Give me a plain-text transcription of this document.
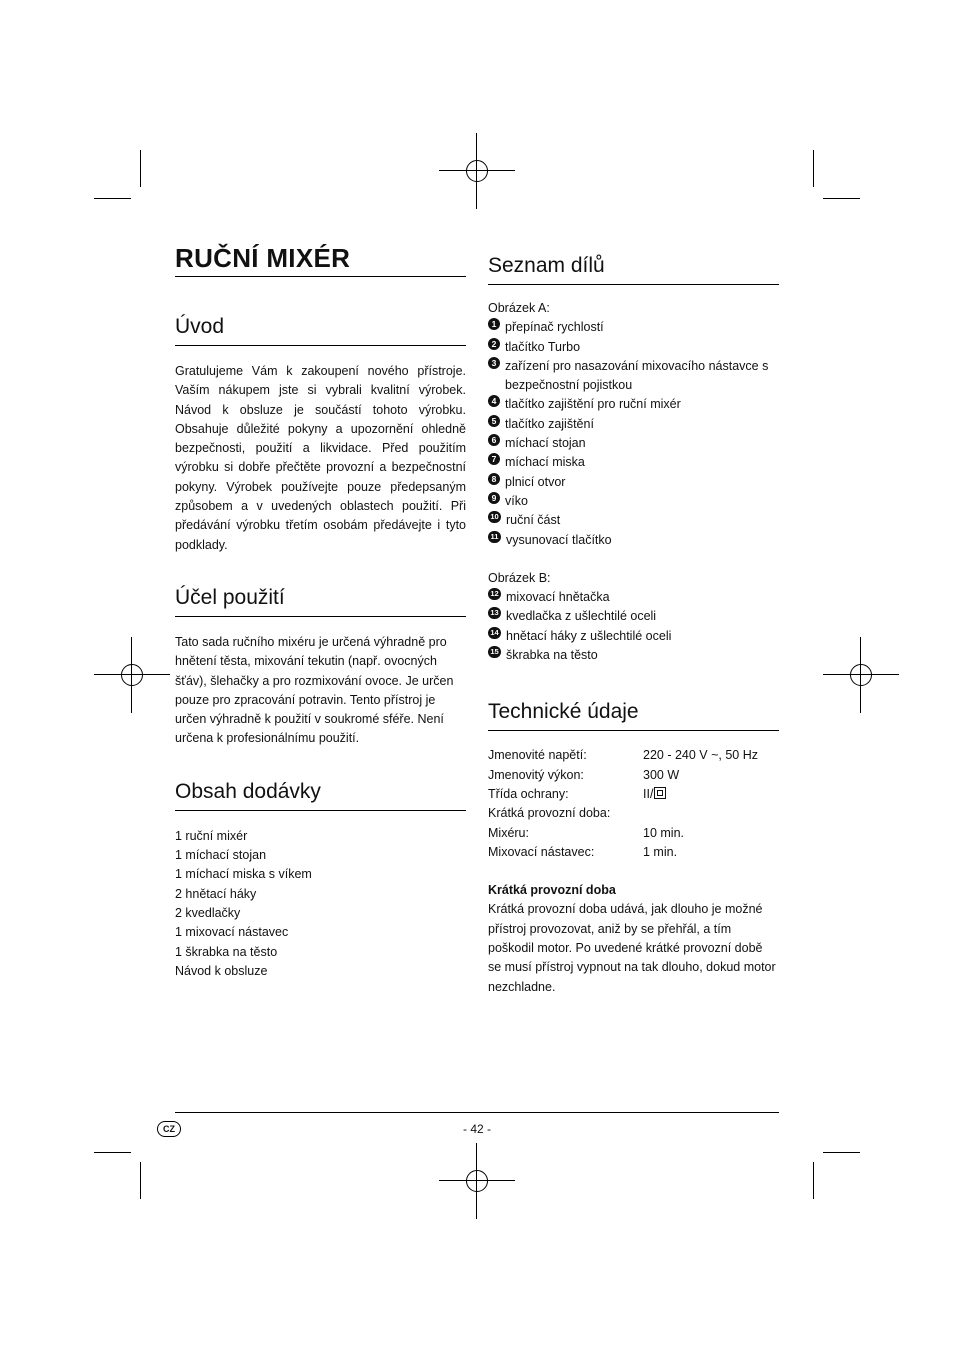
RUČNÍ MIXÉR
Úvod

Gratulujeme Vám k zakoupení nového přístroje. Vaším nákupem jste si vybrali kvalitní výrobek. Návod k obsluze je součástí tohoto výrobku. Obsahuje důležité pokyny a upozornění ohledně bezpečnosti, použití a likvidace. Před použitím výrobku si dobře přečtěte provozní a bezpečnostní pokyny. Výrobek používejte pouze předepsaným způsobem a v uvedených oblastech použití. Při předávání výrobku třetím osobám předávejte i tyto podklady.

Účel použití

Tato sada ručního mixéru je určená výhradně pro hnětení těsta, mixování tekutin (např. ovocných šťáv), šlehačky a pro rozmixování ovoce. Je určen pouze pro zpracování potravin. Tento přístroj je určen výhradně k použití v soukromé sféře. Není určena k profesionálnímu použití.

Obsah dodávky
1 ruční mixér
1 míchací stojan
1 míchací miska s víkem
2 hnětací háky
2 kvedlačky
1 mixovací nástavec
1 škrabka na těsto
Návod k obsluze
Seznam dílů
Obrázek A:
1 přepínač rychlostí
2 tlačítko Turbo
3 zařízení pro nasazování mixovacího nástavce s bezpečnostní pojistkou
4 tlačítko zajištění pro ruční mixér
5 tlačítko zajištění
6 míchací stojan
7 míchací miska
8 plnicí otvor
9 víko
10 ruční část
11 vysunovací tlačítko
Obrázek B:
12 mixovací hnětačka
13 kvedlačka z ušlechtilé oceli
14 hnětací háky z ušlechtilé oceli
15 škrabka na těsto
Technické údaje
Jmenovité napětí:	220 - 240 V ~, 50 Hz
Jmenovitý výkon:	300 W
Třída ochrany:	II/
Krátká provozní doba:
Mixéru:	10 min.
Mixovací nástavec:	1 min.
Krátká provozní doba

Krátká provozní doba udává, jak dlouho je možné přístroj provozovat, aniž by se přehřál, a tím poškodil motor. Po uvedené krátké provozní době se musí přístroj vypnout na tak dlouho, dokud motor nezchladne.

CZ	- 42 -
